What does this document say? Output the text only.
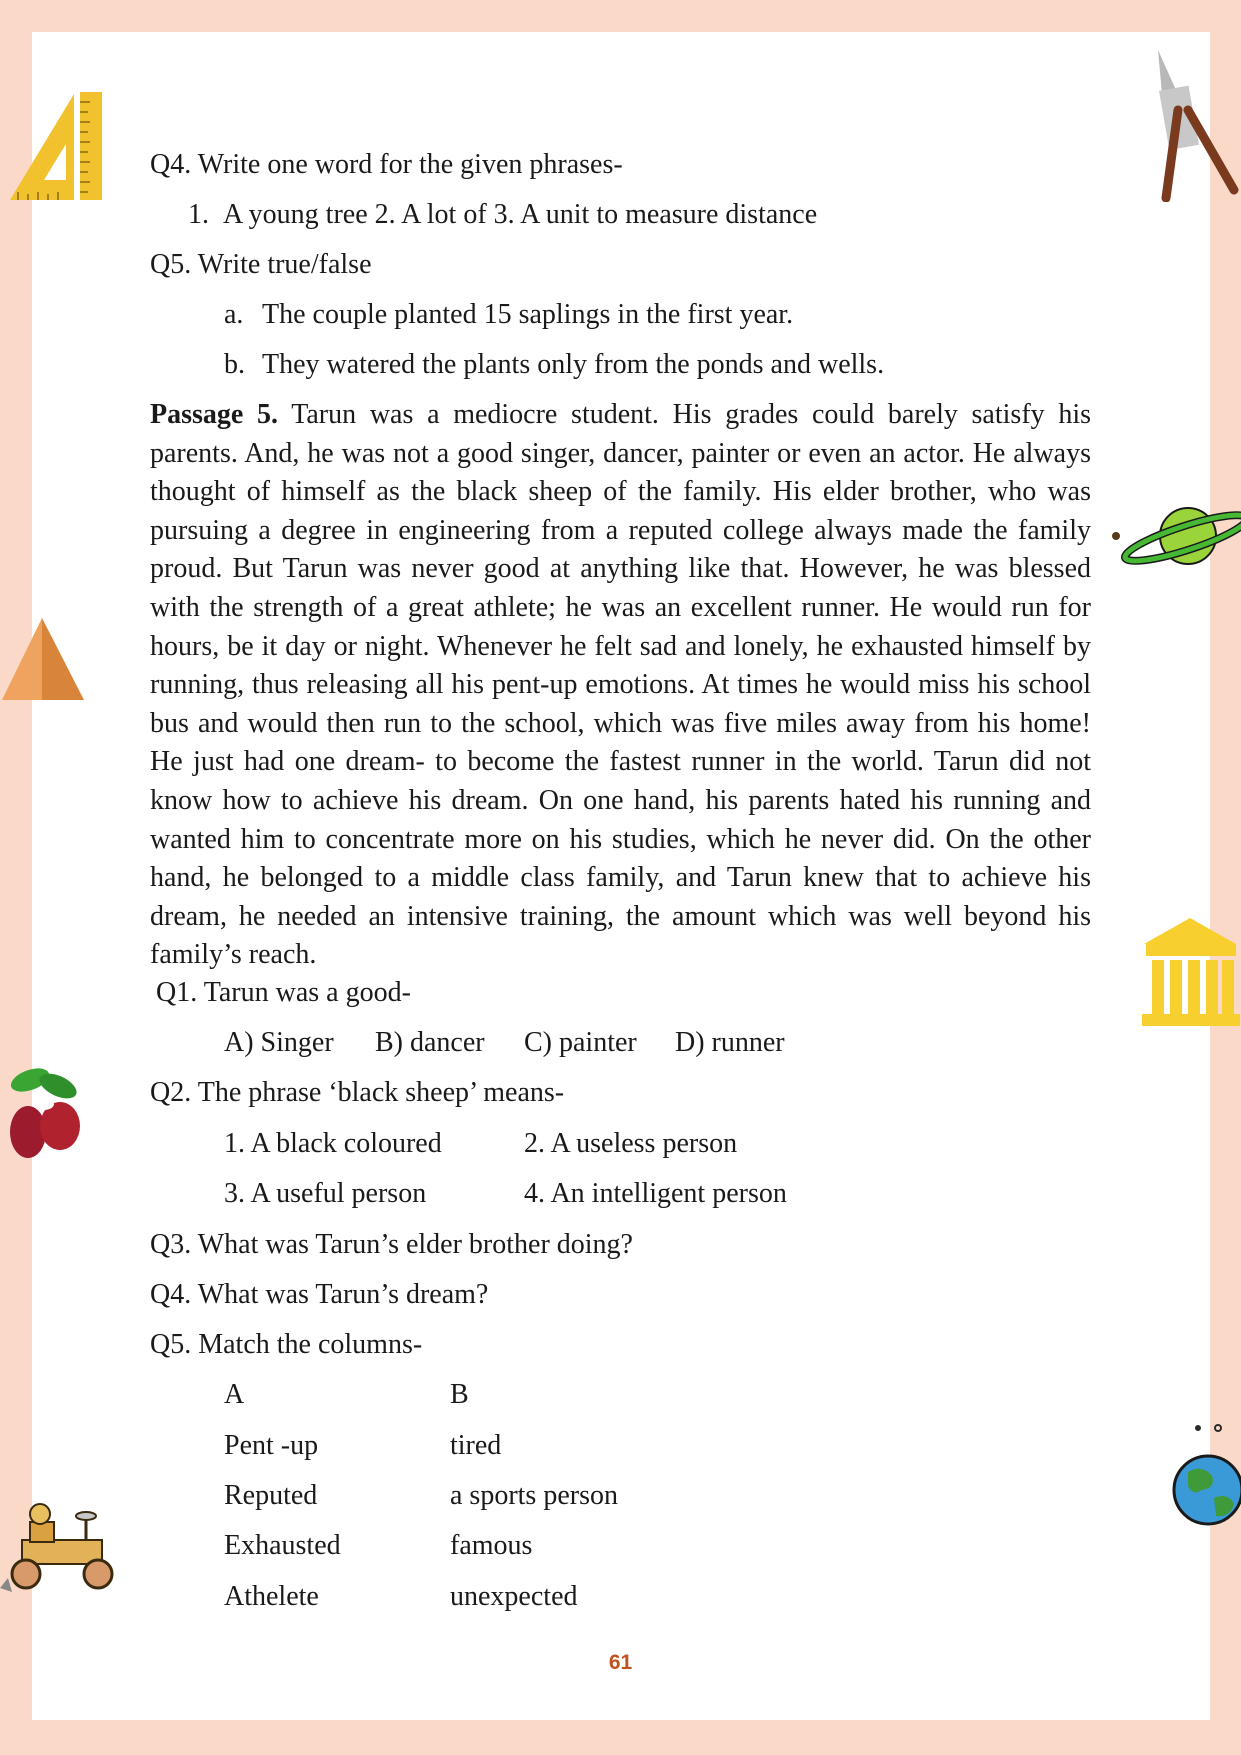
Q4. Write one word for the given phrases-
1. A young tree 2. A lot of 3. A unit to measure distance
Q5. Write true/false
a. The couple planted 15 saplings in the first year.
b. They watered the plants only from the ponds and wells.
Passage 5. Tarun was a mediocre student. His grades could barely satisfy his parents. And, he was not a good singer, dancer, painter or even an actor. He always thought of himself as the black sheep of the family. His elder brother, who was pursuing a degree in engineering from a reputed college always made the family proud. But Tarun was never good at anything like that. However, he was blessed with the strength of a great athlete; he was an excellent runner. He would run for hours, be it day or night. Whenever he felt sad and lonely, he exhausted himself by running, thus releasing all his pent-up emotions. At times he would miss his school bus and would then run to the school, which was five miles away from his home! He just had one dream- to become the fastest runner in the world. Tarun did not know how to achieve his dream. On one hand, his parents hated his running and wanted him to concentrate more on his studies, which he never did. On the other hand, he belonged to a middle class family, and Tarun knew that to achieve his dream, he needed an intensive training, the amount which was well beyond his family’s reach.
Q1. Tarun was a good-
A) Singer B) dancer C) painter D) runner
Q2. The phrase ‘black sheep’ means-
1. A black coloured	2. A useless person
3. A useful person	4. An intelligent person
Q3. What was Tarun’s elder brother doing?
Q4. What was Tarun’s dream?
Q5. Match the columns-
A	B
Pent -up	tired
Reputed	a sports person
Exhausted	famous
Athelete	unexpected
61
